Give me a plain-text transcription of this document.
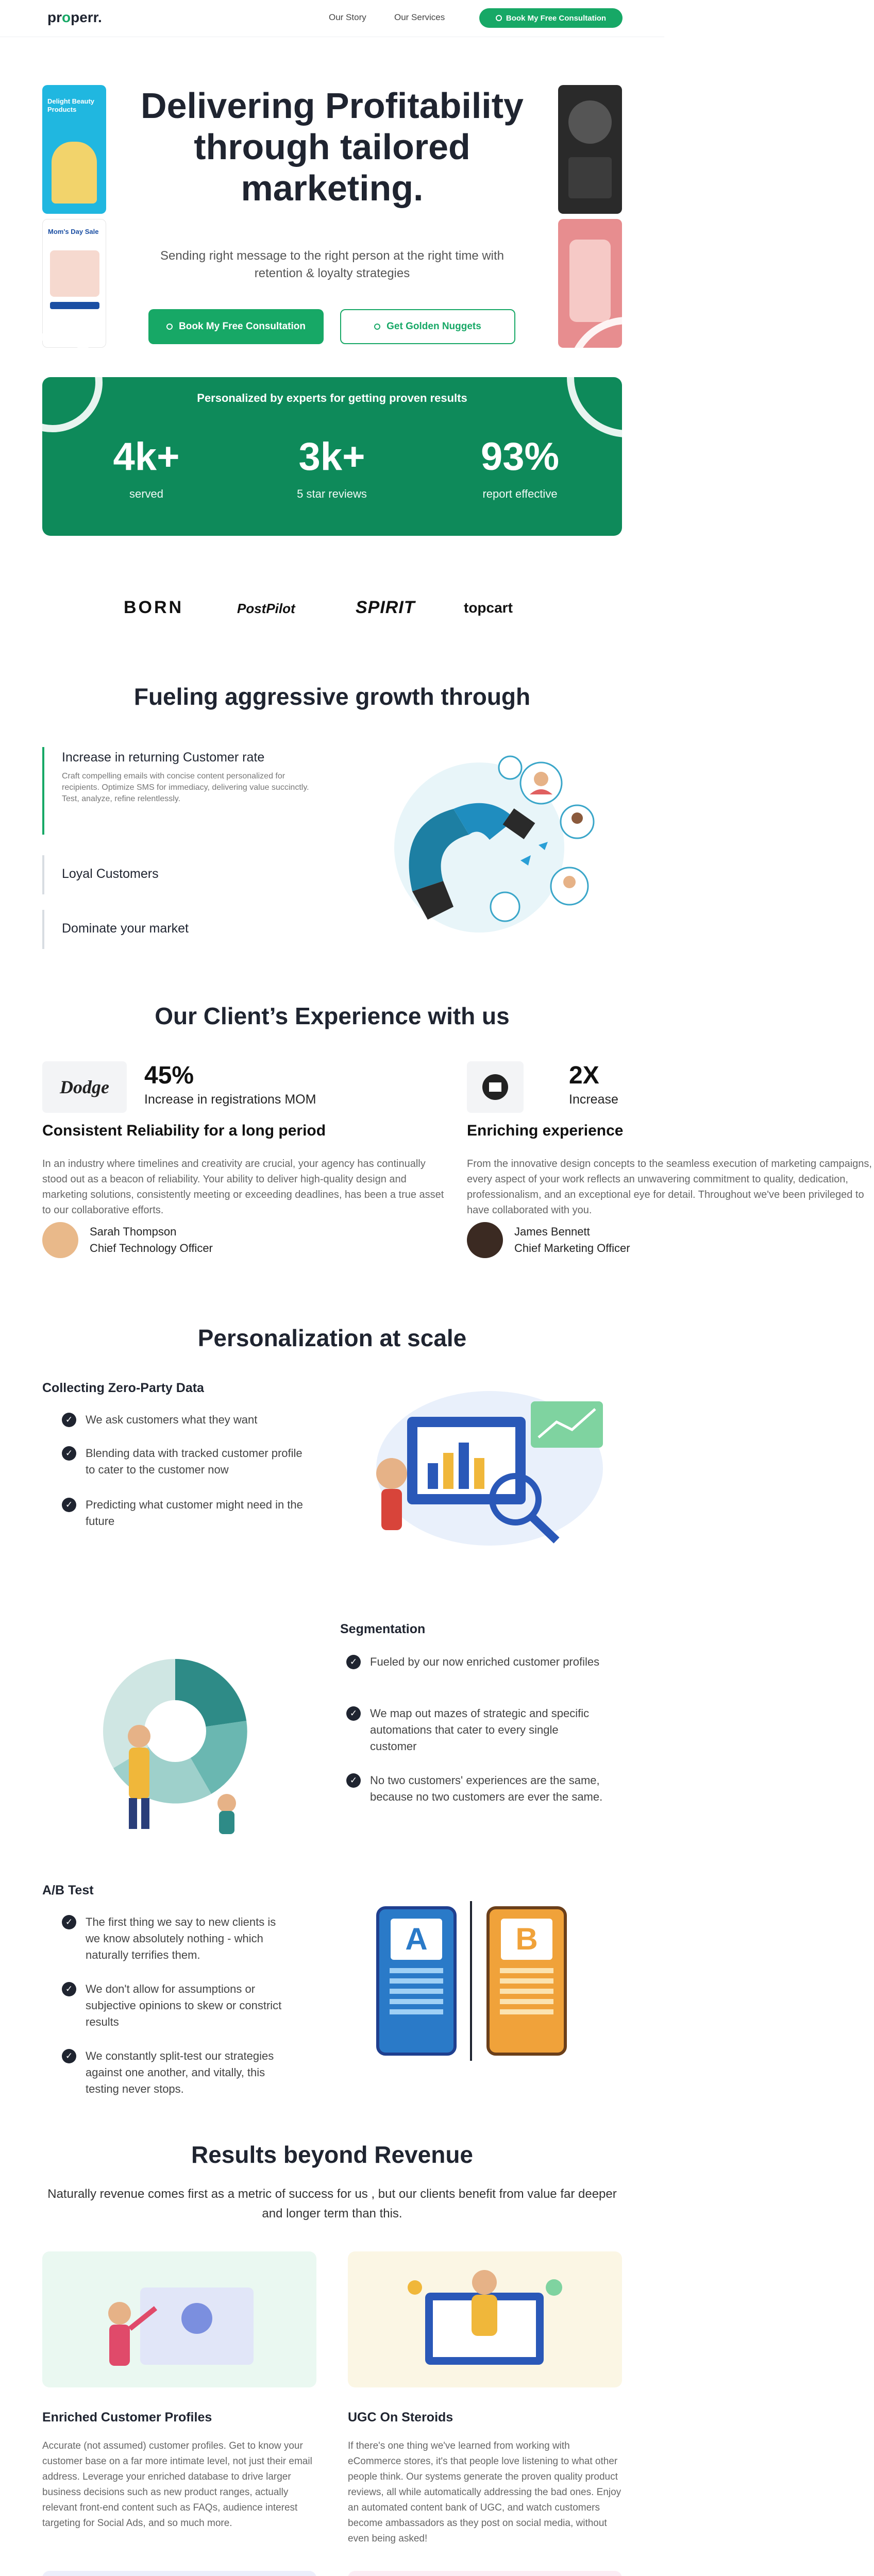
properr.	Our Story	Our Services	Book My Free Consultation
Delight Beauty Products
Mom's Day Sale
Delivering Profitability through tailored marketing.
Sending right message to the right person at the right time with retention & loyalty strategies
Book My Free Consultation	Get Golden Nuggets
Personalized by experts for getting proven results
4k+
served
3k+
5 star reviews
93%
report effective
BORN	PostPilot	SPIRIT	topcart
Fueling aggressive growth through
Increase in returning Customer rate
Craft compelling emails with concise content personalized for recipients. Optimize SMS for immediacy, delivering value succinctly. Test, analyze, refine relentlessly.
Loyal Customers
Dominate your market
Our Client’s Experience with us
Dodge	45%
Increase in registrations MOM
Consistent Reliability for a long period
In an industry where timelines and creativity are crucial, your agency has continually stood out as a beacon of reliability. Your ability to deliver high-quality design and marketing solutions, consistently meeting or exceeding deadlines, has been a true asset to our collaborative efforts.
Sarah Thompson
Chief Technology Officer
2X
Increase
Enriching experience
From the innovative design concepts to the seamless execution of marketing campaigns, every aspect of your work reflects an unwavering commitment to quality, dedication, professionalism, and an exceptional eye for detail. Throughout we've been privileged to have collaborated with you.
James Bennett
Chief Marketing Officer
Personalization at scale
Collecting Zero-Party Data
✓	We ask customers what they want
✓	Blending data with tracked customer profile to cater to the customer now
✓	Predicting what customer might need in the future
Segmentation
✓	Fueled by our now enriched customer profiles
✓	We map out mazes of strategic and specific automations that cater to every single customer
✓	No two customers' experiences are the same, because no two customers are ever the same.
A/B Test
✓	The first thing we say to new clients is we know absolutely nothing - which naturally terrifies them.
✓	We don't allow for assumptions or subjective opinions to skew or constrict results
✓	We constantly split-test our strategies against one another, and vitally, this testing never stops.
A	B
Results beyond Revenue
Naturally revenue comes first as a metric of success for us , but our clients benefit from value far deeper and longer term than this.
Enriched Customer Profiles
Accurate (not assumed) customer profiles. Get to know your customer base on a far more intimate level, not just their email address. Leverage your enriched database to drive larger business decisions such as new product ranges, actually relevant front-end content such as FAQs, audience interest targeting for Social Ads, and so much more.
UGC On Steroids
If there's one thing we've learned from working with eCommerce stores, it's that people love listening to what other people think. Our systems generate the proven quality product reviews, all while automatically addressing the bad ones. Enjoy an automated content bank of UGC, and watch customers become ambassadors as they post on social media, without even being asked!
